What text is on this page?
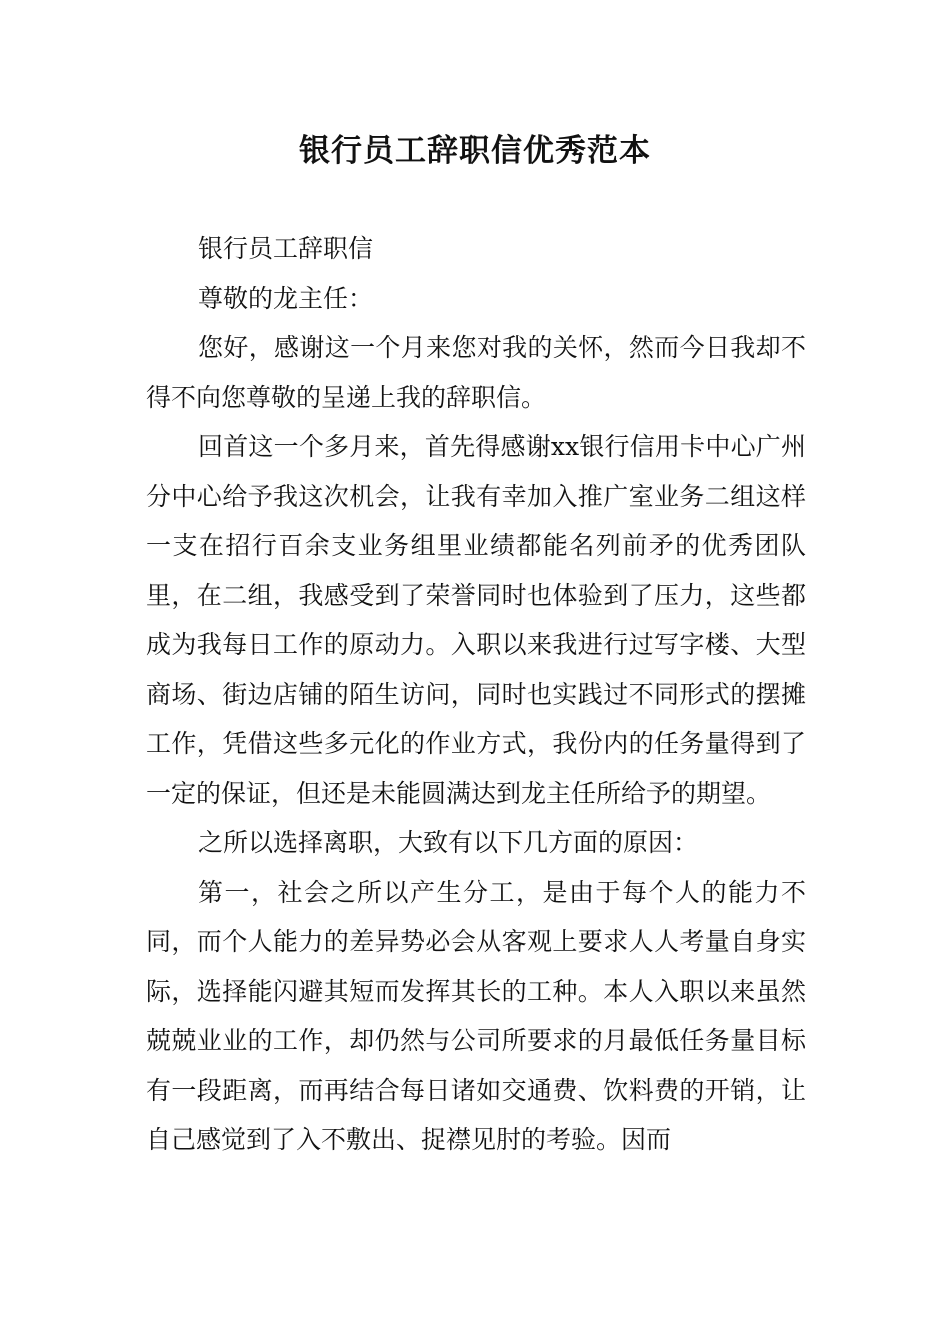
银行员工辞职信优秀范本

银行员工辞职信

尊敬的龙主任：

您好，感谢这一个月来您对我的关怀，然而今日我却不得不向您尊敬的呈递上我的辞职信。

回首这一个多月来，首先得感谢xx银行信用卡中心广州分中心给予我这次机会，让我有幸加入推广室业务二组这样一支在招行百余支业务组里业绩都能名列前矛的优秀团队里，在二组，我感受到了荣誉同时也体验到了压力，这些都成为我每日工作的原动力。入职以来我进行过写字楼、大型商场、街边店铺的陌生访问，同时也实践过不同形式的摆摊工作，凭借这些多元化的作业方式，我份内的任务量得到了一定的保证，但还是未能圆满达到龙主任所给予的期望。

之所以选择离职，大致有以下几方面的原因：

第一，社会之所以产生分工，是由于每个人的能力不同，而个人能力的差异势必会从客观上要求人人考量自身实际，选择能闪避其短而发挥其长的工种。本人入职以来虽然兢兢业业的工作，却仍然与公司所要求的月最低任务量目标有一段距离，而再结合每日诸如交通费、饮料费的开销，让自己感觉到了入不敷出、捉襟见肘的考验。因而
